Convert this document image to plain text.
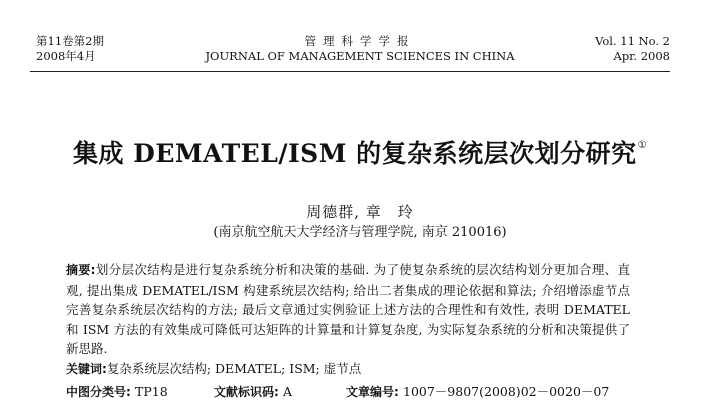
第11卷第2期
2008年4月
管理科学学报
JOURNAL OF MANAGEMENT SCIENCES IN CHINA
Vol. 11 No. 2
Apr. 2008
集成 DEMATEL/ISM 的复杂系统层次划分研究①
周德群, 章　玲
(南京航空航天大学经济与管理学院, 南京 210016)
摘要:划分层次结构是进行复杂系统分析和决策的基础. 为了使复杂系统的层次结构划分更加合理、直观, 提出集成 DEMATEL/ISM 构建系统层次结构; 给出二者集成的理论依据和算法; 介绍增添虚节点完善复杂系统层次结构的方法; 最后文章通过实例验证上述方法的合理性和有效性, 表明 DEMATEL 和 ISM 方法的有效集成可降低可达矩阵的计算量和计算复杂度, 为实际复杂系统的分析和决策提供了新思路.
关键词:复杂系统层次结构; DEMATEL; ISM; 虚节点
中图分类号: TP18	文献标识码: A	文章编号: 1007－9807(2008)02－0020－07
